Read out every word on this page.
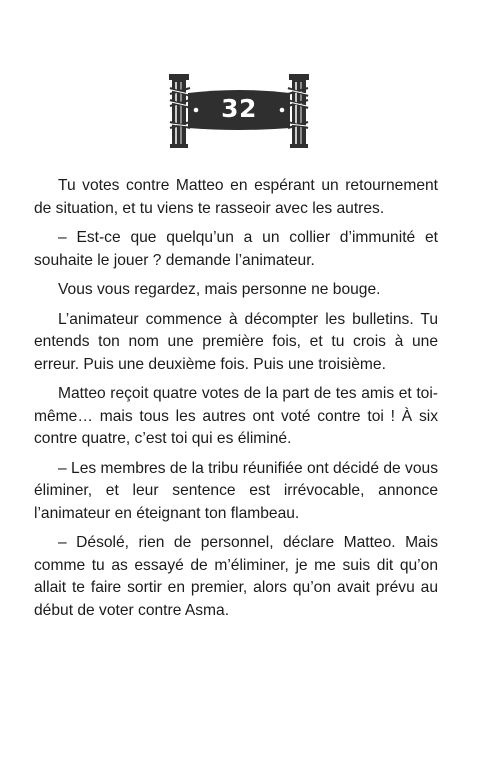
32

Tu votes contre Matteo en espérant un retournement de situation, et tu viens te rasseoir avec les autres.

– Est-ce que quelqu’un a un collier d’immunité et souhaite le jouer ? demande l’animateur.

Vous vous regardez, mais personne ne bouge.

L’animateur commence à décompter les bulletins. Tu entends ton nom une première fois, et tu crois à une erreur. Puis une deuxième fois. Puis une troisième.

Matteo reçoit quatre votes de la part de tes amis et toi-même… mais tous les autres ont voté contre toi ! À six contre quatre, c’est toi qui es éliminé.

– Les membres de la tribu réunifiée ont décidé de vous éliminer, et leur sentence est irrévocable, annonce l’animateur en éteignant ton flambeau.

– Désolé, rien de personnel, déclare Matteo. Mais comme tu as essayé de m’éliminer, je me suis dit qu’on allait te faire sortir en premier, alors qu’on avait prévu au début de voter contre Asma.
